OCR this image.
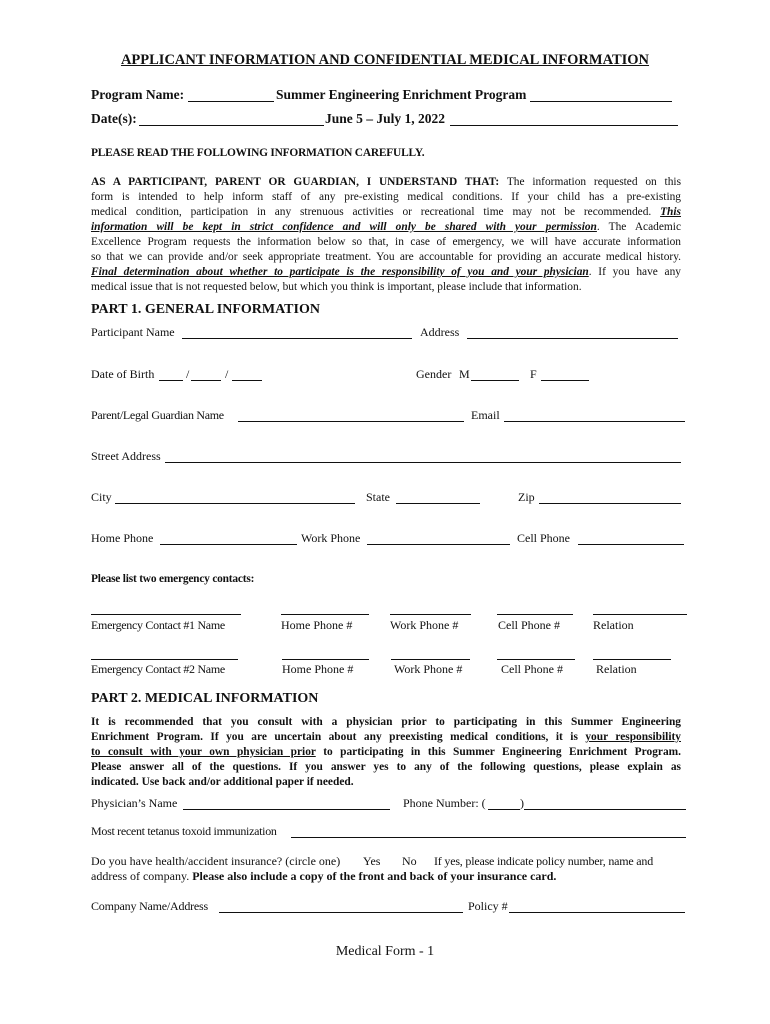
APPLICANT INFORMATION AND CONFIDENTIAL MEDICAL INFORMATION
Program Name:	Summer Engineering Enrichment Program
Date(s):	June 5 – July 1, 2022
PLEASE READ THE FOLLOWING INFORMATION CAREFULLY.
AS A PARTICIPANT, PARENT OR GUARDIAN, I UNDERSTAND THAT: The information requested on this
form is intended to help inform staff of any pre-existing medical conditions. If your child has a pre-existing
medical condition, participation in any strenuous activities or recreational time may not be recommended. This
information will be kept in strict confidence and will only be shared with your permission. The Academic
Excellence Program requests the information below so that, in case of emergency, we will have accurate information
so that we can provide and/or seek appropriate treatment. You are accountable for providing an accurate medical history.
Final determination about whether to participate is the responsibility of you and your physician. If you have any
medical issue that is not requested below, but which you think is important, please include that information.
PART 1. GENERAL INFORMATION
Participant Name	Address
Date of Birth	/	/	Gender M	F
Parent/Legal Guardian Name	Email
Street Address
City	State	Zip
Home Phone	Work Phone	Cell Phone
Please list two emergency contacts:
Emergency Contact #1 Name	Home Phone #	Work Phone #	Cell Phone #	Relation
Emergency Contact #2 Name	Home Phone #	Work Phone #	Cell Phone #	Relation
PART 2. MEDICAL INFORMATION
It is recommended that you consult with a physician prior to participating in this Summer Engineering
Enrichment Program. If you are uncertain about any preexisting medical conditions, it is your responsibility
to consult with your own physician prior to participating in this Summer Engineering Enrichment Program.
Please answer all of the questions. If you answer yes to any of the following questions, please explain as
indicated. Use back and/or additional paper if needed.
Physician’s Name	Phone Number: (	)
Most recent tetanus toxoid immunization
Do you have health/accident insurance? (circle one) Yes No If yes, please indicate policy number, name and
address of company. Please also include a copy of the front and back of your insurance card.
Company Name/Address	Policy #
Medical Form - 1
